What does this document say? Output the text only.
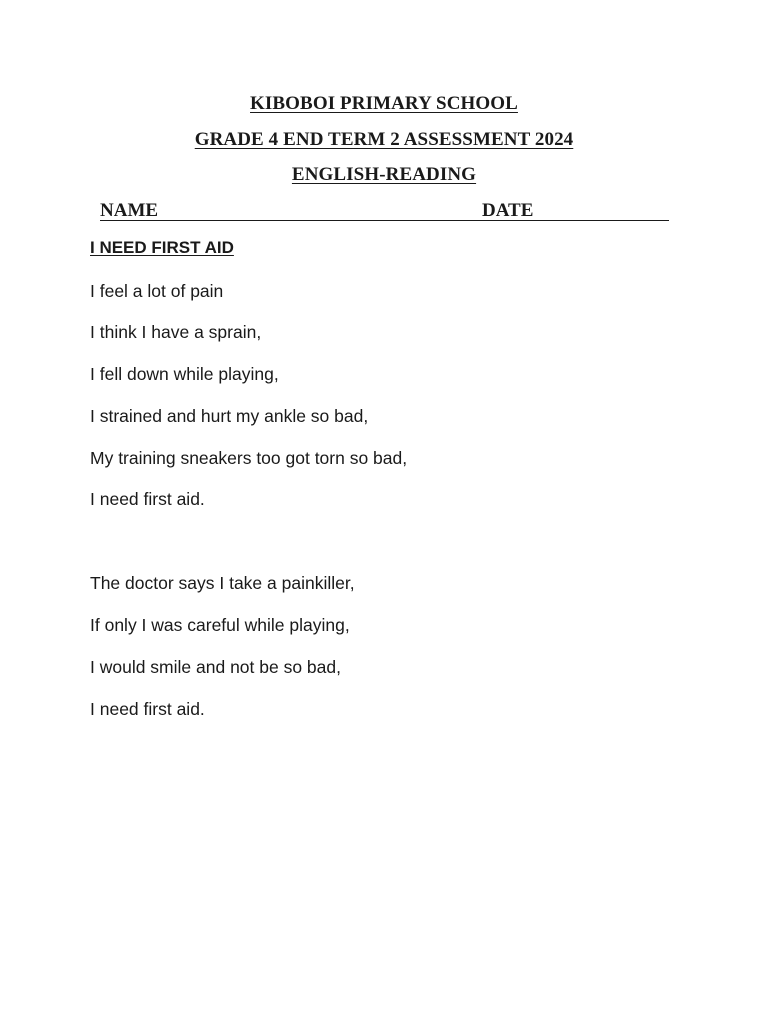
KIBOBOI PRIMARY SCHOOL
GRADE 4 END TERM 2 ASSESSMENT 2024
ENGLISH-READING
NAME	DATE
I NEED FIRST AID
I feel a lot of pain
I think I have a sprain,
I fell down while playing,
I strained and hurt my ankle so bad,
My training sneakers too got torn so bad,
I need first aid.
The doctor says I take a painkiller,
If only I was careful while playing,
I would smile and not be so bad,
I need first aid.
